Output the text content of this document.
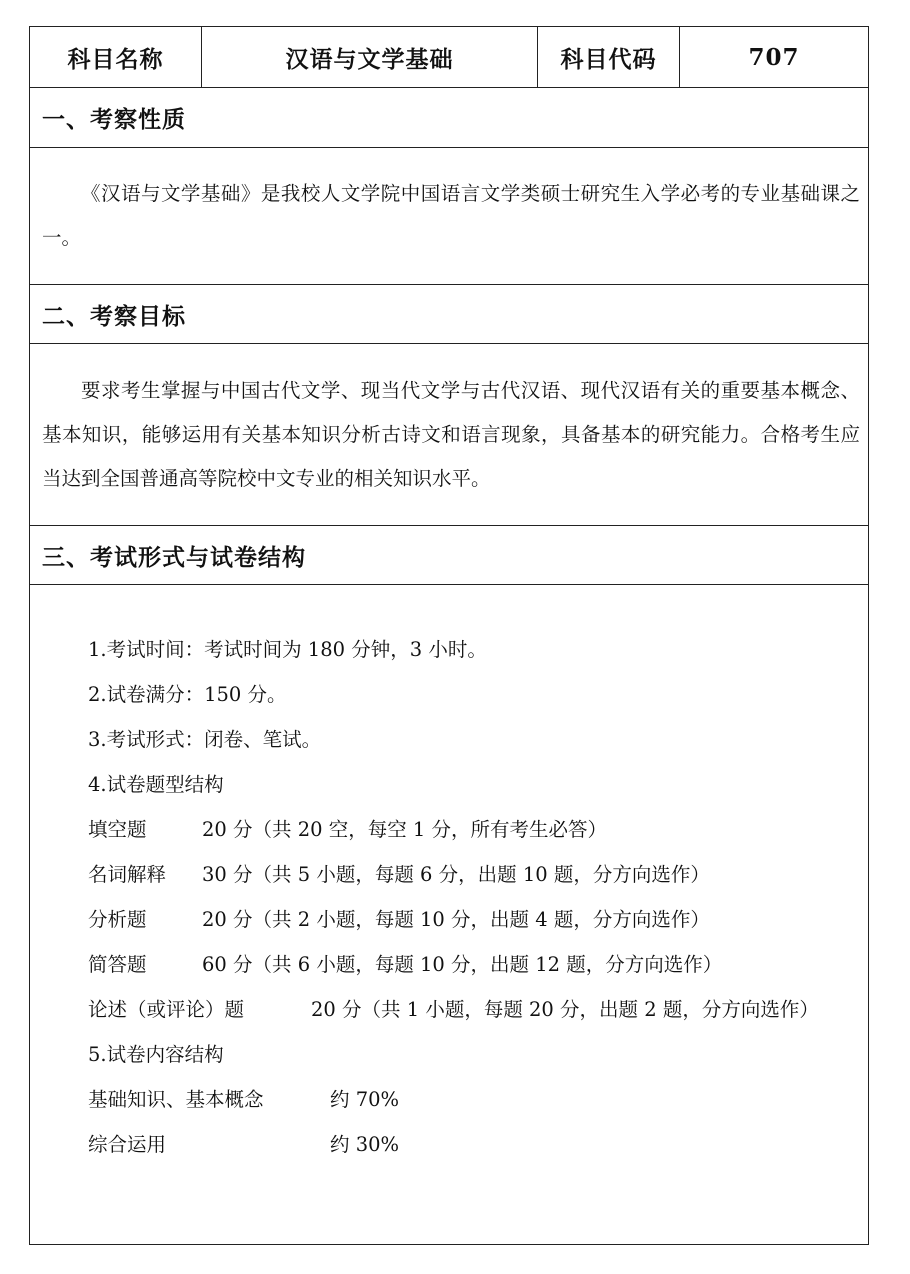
科目名称	汉语与文学基础	科目代码	707
一、考察性质

《汉语与文学基础》是我校人文学院中国语言文学类硕士研究生入学必考的专业基础课之一。

二、考察目标

要求考生掌握与中国古代文学、现当代文学与古代汉语、现代汉语有关的重要基本概念、基本知识，能够运用有关基本知识分析古诗文和语言现象，具备基本的研究能力。合格考生应当达到全国普通高等院校中文专业的相关知识水平。

三、考试形式与试卷结构
1.考试时间：考试时间为 180 分钟，3 小时。
2.试卷满分：150 分。
3.考试形式：闭卷、笔试。
4.试卷题型结构
填空题	20 分（共 20 空，每空 1 分，所有考生必答）
名词解释 30 分（共 5 小题，每题 6 分，出题 10 题，分方向选作）
分析题	20 分（共 2 小题，每题 10 分，出题 4 题，分方向选作）
简答题	60 分（共 6 小题，每题 10 分，出题 12 题，分方向选作）
论述（或评论）题	20 分（共 1 小题，每题 20 分，出题 2 题，分方向选作）
5.试卷内容结构
基础知识、基本概念	约 70%
综合运用	约 30%
